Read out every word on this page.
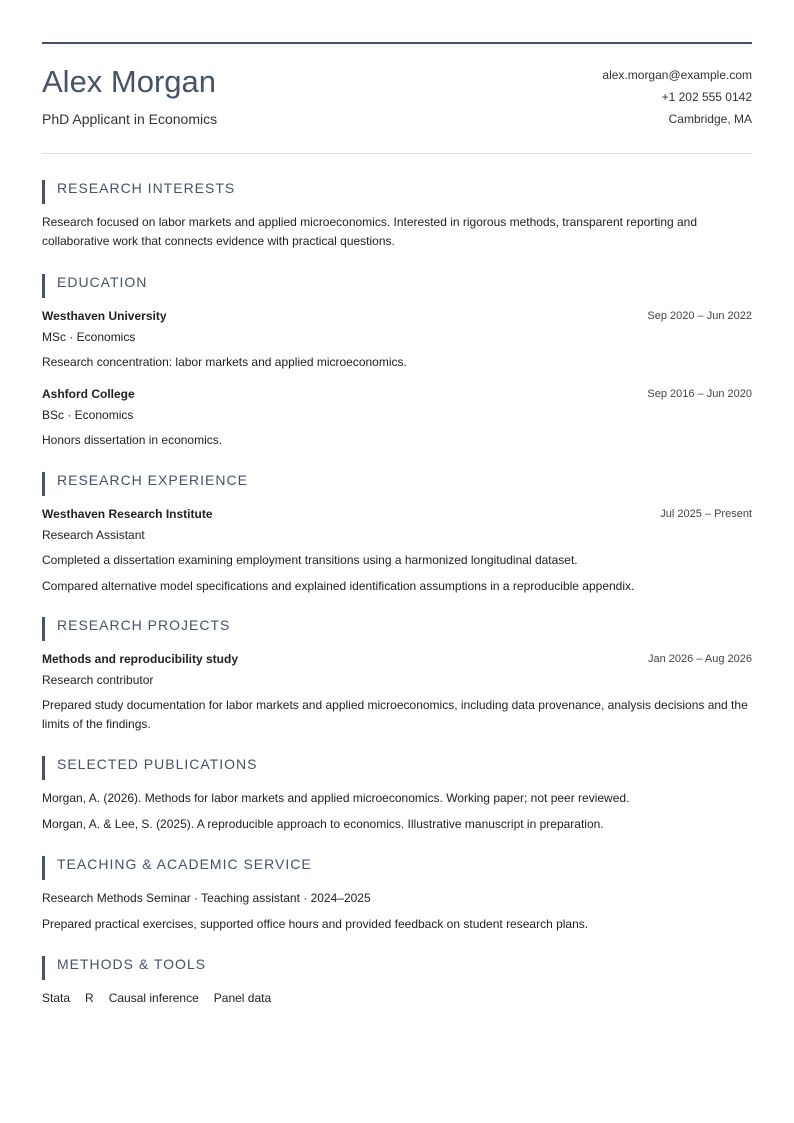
Alex Morgan
PhD Applicant in Economics
alex.morgan@example.com
+1 202 555 0142
Cambridge, MA
RESEARCH INTERESTS

Research focused on labor markets and applied microeconomics. Interested in rigorous methods, transparent reporting and collaborative work that connects evidence with practical questions.

EDUCATION
Westhaven University	Sep 2020 – Jun 2022
MSc · Economics

Research concentration: labor markets and applied microeconomics.

Ashford College	Sep 2016 – Jun 2020
BSc · Economics

Honors dissertation in economics.

RESEARCH EXPERIENCE
Westhaven Research Institute	Jul 2025 – Present
Research Assistant

Completed a dissertation examining employment transitions using a harmonized longitudinal dataset.

Compared alternative model specifications and explained identification assumptions in a reproducible appendix.

RESEARCH PROJECTS
Methods and reproducibility study	Jan 2026 – Aug 2026
Research contributor

Prepared study documentation for labor markets and applied microeconomics, including data provenance, analysis decisions and the limits of the findings.

SELECTED PUBLICATIONS

Morgan, A. (2026). Methods for labor markets and applied microeconomics. Working paper; not peer reviewed.

Morgan, A. & Lee, S. (2025). A reproducible approach to economics. Illustrative manuscript in preparation.

TEACHING & ACADEMIC SERVICE

Research Methods Seminar · Teaching assistant · 2024–2025

Prepared practical exercises, supported office hours and provided feedback on student research plans.

METHODS & TOOLS
Stata R Causal inference Panel data
